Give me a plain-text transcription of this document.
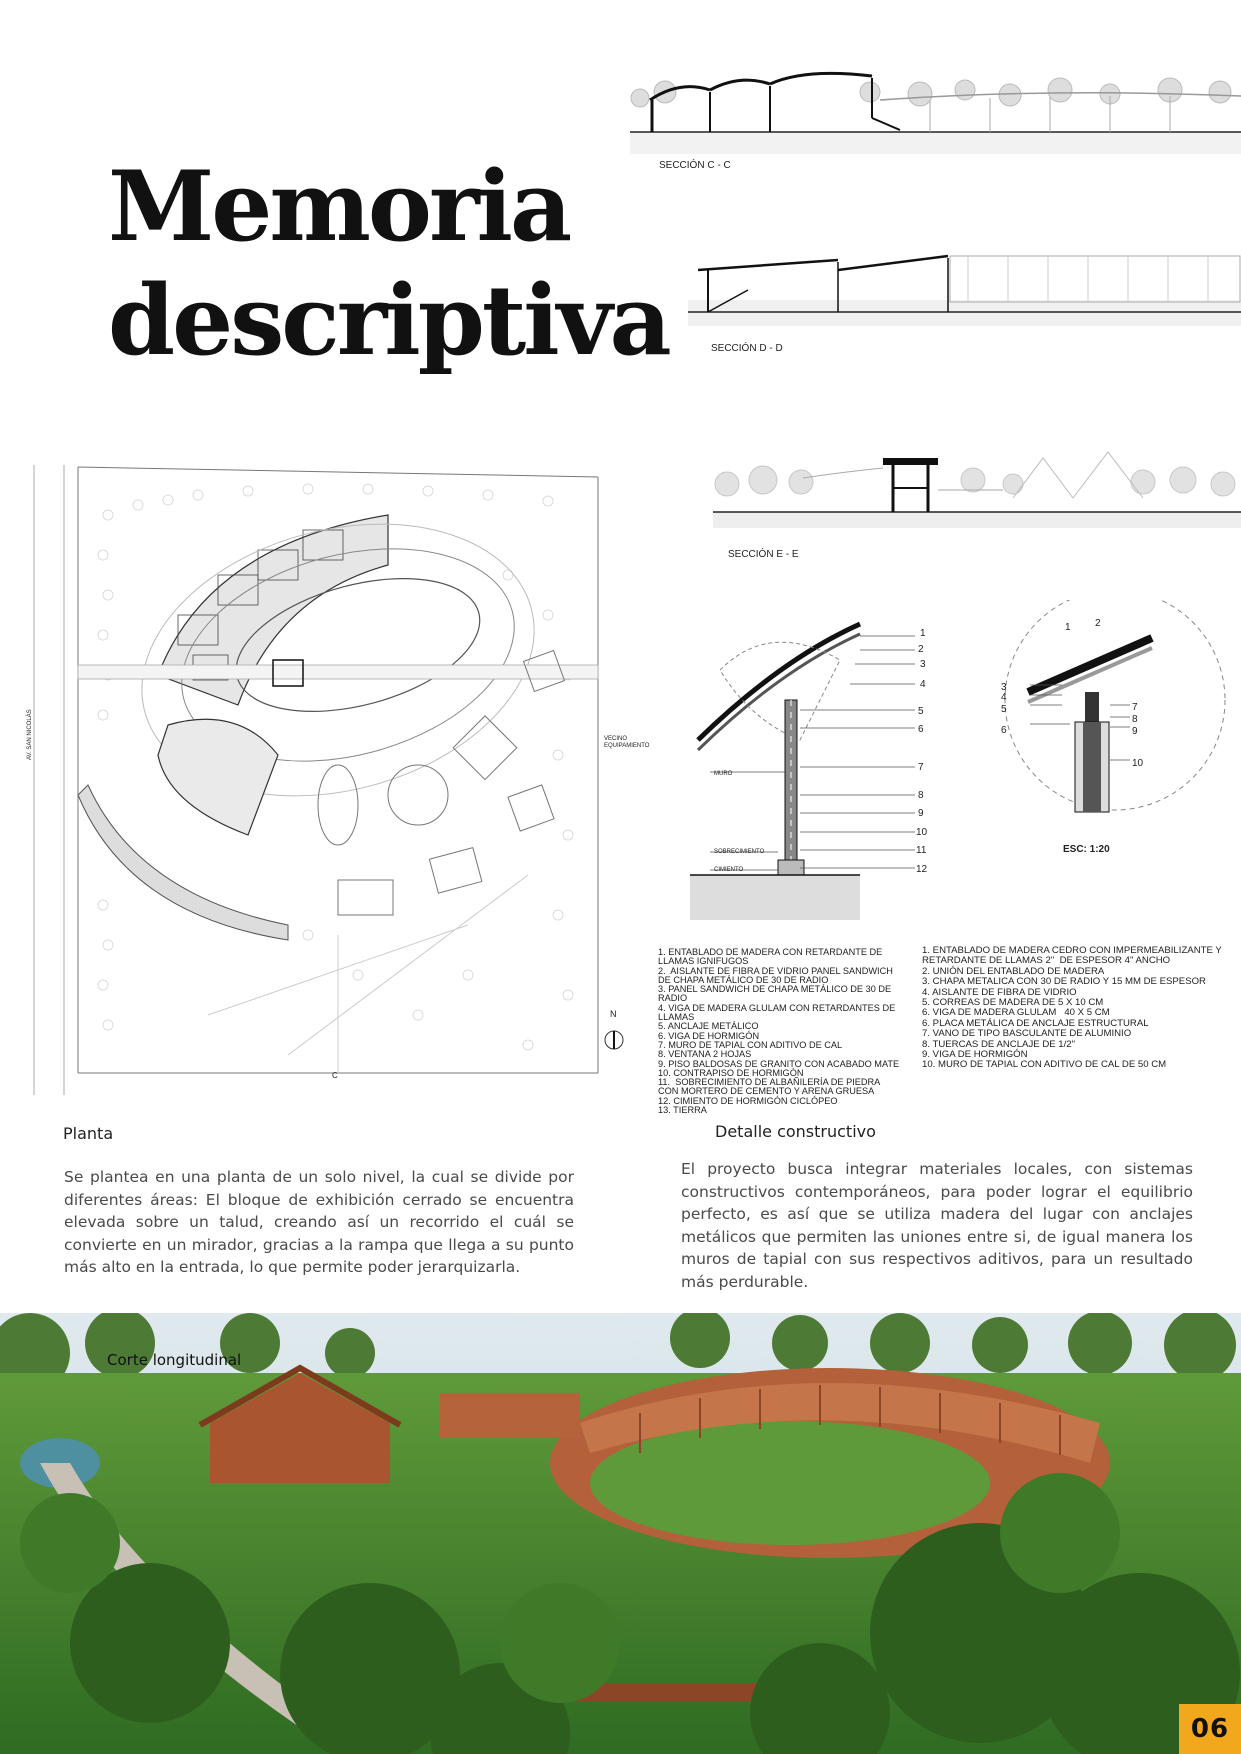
Memoria
descriptiva
SECCIÓN C - C
SECCIÓN D - D
SECCIÓN E - E
VECINO
EQUIPAMIENTO
AV. SAN NICOLÁS
N
C
1
2
3
4
5
6
7
8
9
10
11
12
1 2
3
4
5
6
7
8
9
10
MURO
SOBRECIMIENTO
CIMIENTO
ESC: 1:20
1. ENTABLADO DE MADERA CON RETARDANTE DE LLAMAS IGNIFUGOS
2.  AISLANTE DE FIBRA DE VIDRIO PANEL SANDWICH DE CHAPA METÁLICO DE 30 DE RADIO
3. PANEL SANDWICH DE CHAPA METÁLICO DE 30 DE RADIO
4. VIGA DE MADERA GLULAM CON RETARDANTES DE LLAMAS
5. ANCLAJE METÁLICO
6. VIGA DE HORMIGÓN
7. MURO DE TAPIAL CON ADITIVO DE CAL
8. VENTANA 2 HOJAS
9. PISO BALDOSAS DE GRANITO CON ACABADO MATE
10. CONTRAPISO DE HORMIGÓN
11.  SOBRECIMIENTO DE ALBAÑILERÍA DE PIEDRA CON MORTERO DE CEMENTO Y ARENA GRUESA
12. CIMIENTO DE HORMIGÓN CICLÓPEO
13. TIERRA
1. ENTABLADO DE MADERA CEDRO CON IMPERMEABILIZANTE Y RETARDANTE DE LLAMAS 2"  DE ESPESOR 4" ANCHO
2. UNIÓN DEL ENTABLADO DE MADERA
3. CHAPA METALICA CON 30 DE RADIO Y 15 MM DE ESPESOR
4. AISLANTE DE FIBRA DE VIDRIO
5. CORREAS DE MADERA DE 5 X 10 CM
6. VIGA DE MADERA GLULAM   40 X 5 CM
6. PLACA METÁLICA DE ANCLAJE ESTRUCTURAL
7. VANO DE TIPO BASCULANTE DE ALUMINIO
8. TUERCAS DE ANCLAJE DE 1/2"
9. VIGA DE HORMIGÓN
10. MURO DE TAPIAL CON ADITIVO DE CAL DE 50 CM
Planta

Se plantea en una planta de un solo nivel, la cual se divide por diferentes áreas: El bloque de exhibición cerrado se encuentra elevada sobre un talud, creando así un recorrido el cuál se convierte en un mirador, gracias a la rampa que llega a su punto más alto en la entrada, lo que permite poder jerarquizarla.

Detalle constructivo

El proyecto busca integrar materiales locales, con sistemas constructivos contemporáneos, para poder lograr el equilibrio perfecto, es así que se utiliza madera del lugar con anclajes metálicos que permiten las uniones entre si, de igual manera los muros de tapial con sus respectivos aditivos, para un resultado más perdurable.

Corte longitudinal
06
